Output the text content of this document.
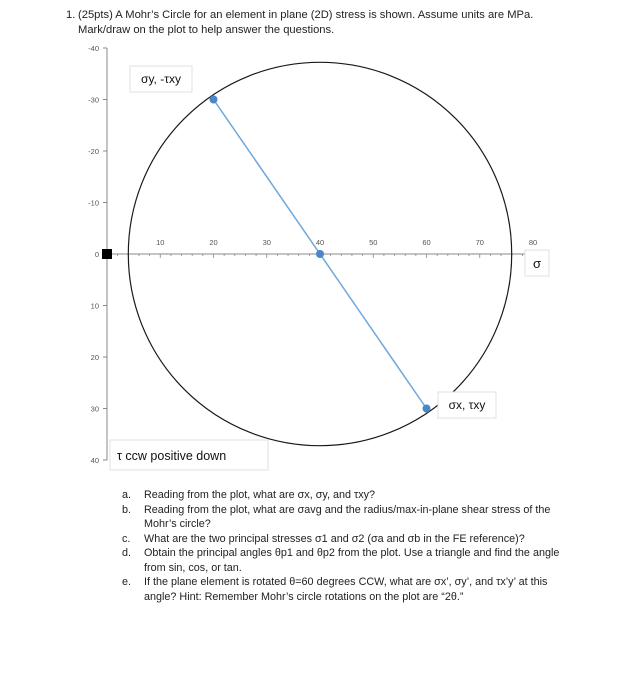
1. (25pts) A Mohr’s Circle for an element in plane (2D) stress is shown. Assume units are MPa.
Mark/draw on the plot to help answer the questions.
-40
-30
-20
-10
0
10
20
30
40
10	20	30	40	50	60	70	80
σy, -τxy
σx, τxy
σ
τ ccw positive down
a. Reading from the plot, what are σx, σy, and τxy?
b. Reading from the plot, what are σavg and the radius/max-in-plane shear stress of the Mohr’s circle?
c. What are the two principal stresses σ1 and σ2 (σa and σb in the FE reference)?
d. Obtain the principal angles θp1 and θp2 from the plot. Use a triangle and find the angle from sin, cos, or tan.
e. If the plane element is rotated θ=60 degrees CCW, what are σx’, σy’, and τx’y’ at this angle? Hint: Remember Mohr’s circle rotations on the plot are “2θ.”
